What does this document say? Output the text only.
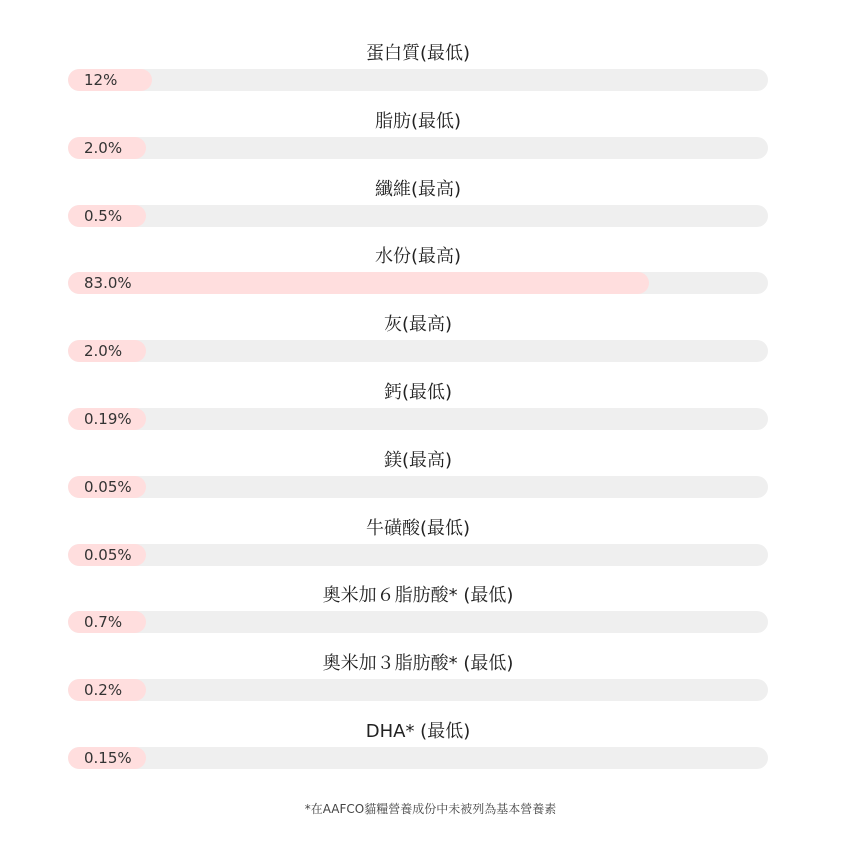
蛋白質(最低)
12%
脂肪(最低)
2.0%
纖維(最高)
0.5%
水份(最高)
83.0%
灰(最高)
2.0%
鈣(最低)
0.19%
鎂(最高)
0.05%
牛磺酸(最低)
0.05%
奧米加６脂肪酸* (最低)
0.7%
奧米加３脂肪酸* (最低)
0.2%
DHA* (最低)
0.15%
*在AAFCO貓糧營養成份中未被列為基本營養素
